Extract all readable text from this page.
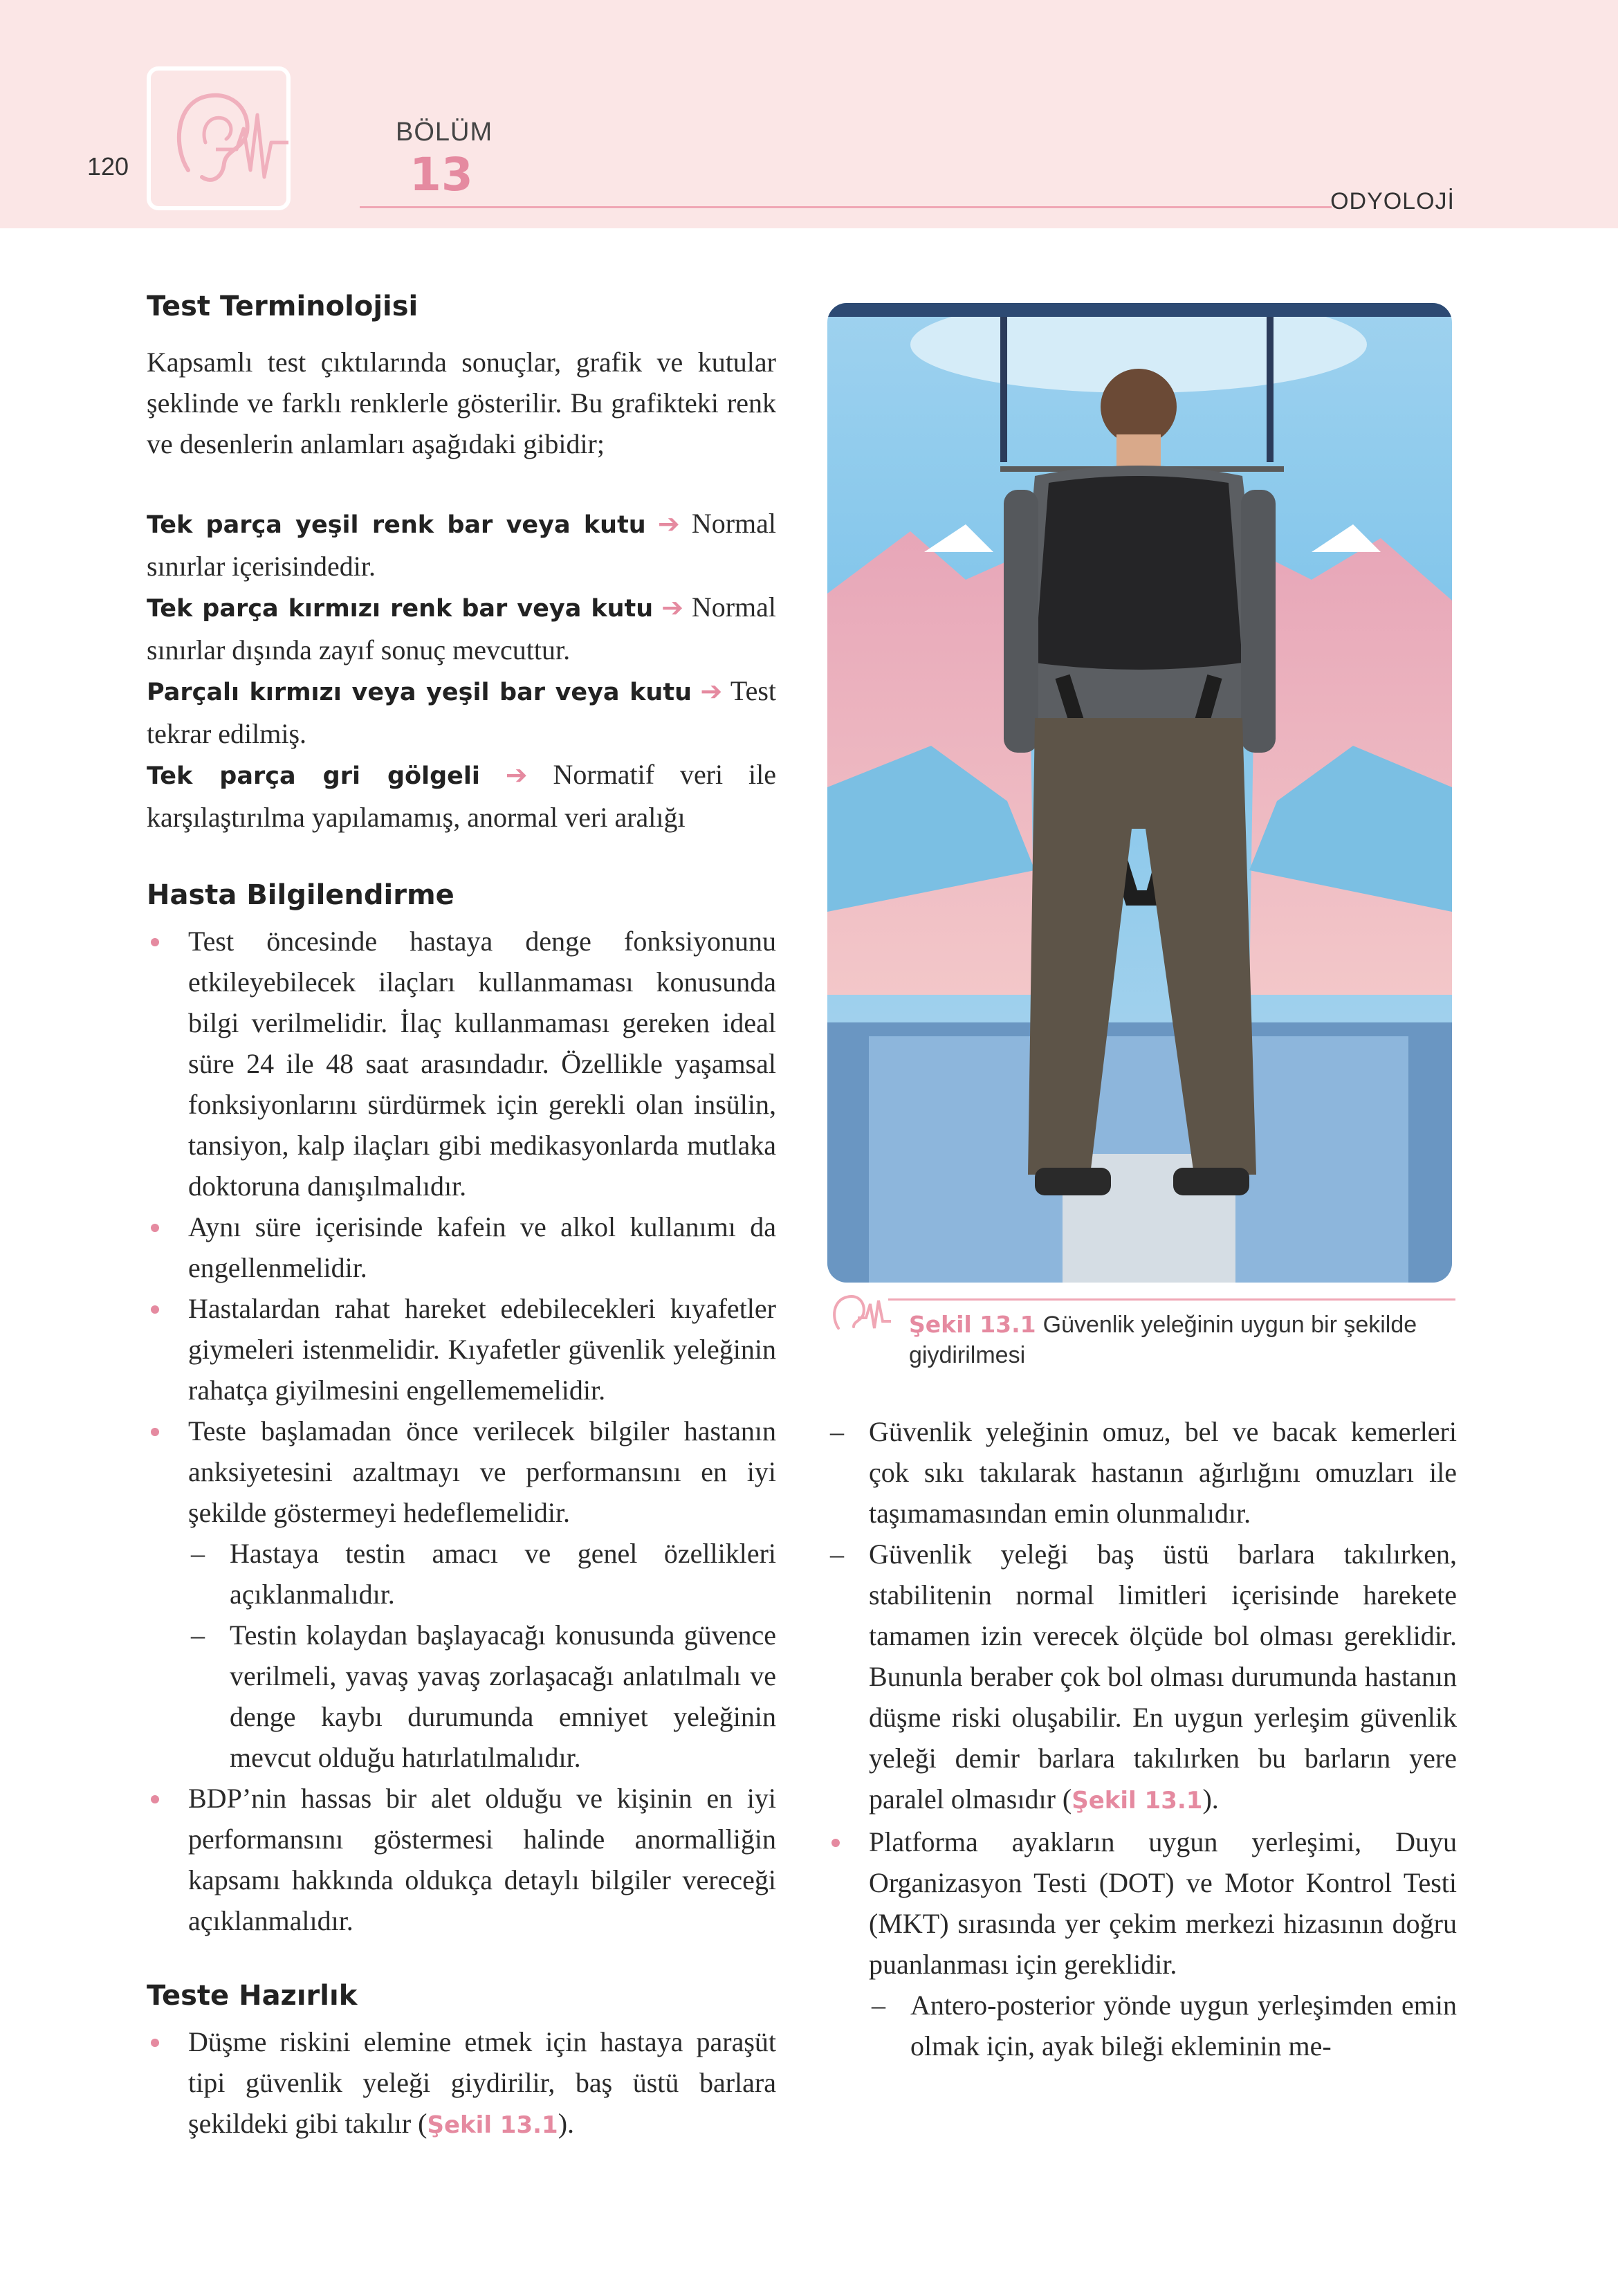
120
BÖLÜM
13	ODYOLOJİ
Test Terminolojisi

Kapsamlı test çıktılarında sonuçlar, grafik ve kutular şeklinde ve farklı renklerle gösterilir. Bu grafikteki renk ve desenlerin anlamları aşağıdaki gibidir;

Tek parça yeşil renk bar veya kutu ➔ Normal sınırlar içerisindedir.

Tek parça kırmızı renk bar veya kutu ➔ Normal sınırlar dışında zayıf sonuç mevcuttur.

Parçalı kırmızı veya yeşil bar veya kutu ➔ Test tekrar edilmiş.

Tek parça gri gölgeli ➔ Normatif veri ile karşılaştırılma yapılamamış, anormal veri aralığı

Hasta Bilgilendirme
Test öncesinde hastaya denge fonksiyonunu etkileyebilecek ilaçları kullanmaması konusunda bilgi verilmelidir. İlaç kullanmaması gereken ideal süre 24 ile 48 saat arasındadır. Özellikle yaşamsal fonksiyonlarını sürdürmek için gerekli olan insülin, tansiyon, kalp ilaçları gibi medikasyonlarda mutlaka doktoruna danışılmalıdır.
Aynı süre içerisinde kafein ve alkol kullanımı da engellenmelidir.
Hastalardan rahat hareket edebilecekleri kıyafetler giymeleri istenmelidir. Kıyafetler güvenlik yeleğinin rahatça giyilmesini engellememelidir.
Teste başlamadan önce verilecek bilgiler hastanın anksiyetesini azaltmayı ve performansını en iyi şekilde göstermeyi hedeflemelidir.
– Hastaya testin amacı ve genel özellikleri açıklanmalıdır.
– Testin kolaydan başlayacağı konusunda güvence verilmeli, yavaş yavaş zorlaşacağı anlatılmalı ve denge kaybı durumunda emniyet yeleğinin mevcut olduğu hatırlatılmalıdır.
BDP’nin hassas bir alet olduğu ve kişinin en iyi performansını göstermesi halinde anormalliğin kapsamı hakkında oldukça detaylı bilgiler vereceği açıklanmalıdır.
Teste Hazırlık
Düşme riskini elemine etmek için hastaya paraşüt tipi güvenlik yeleği giydirilir, baş üstü barlara şekildeki gibi takılır (Şekil 13.1).
Şekil 13.1 Güvenlik yeleğinin uygun bir şekilde giydirilmesi
– Güvenlik yeleğinin omuz, bel ve bacak kemerleri çok sıkı takılarak hastanın ağırlığını omuzları ile taşımamasından emin olunmalıdır.
– Güvenlik yeleği baş üstü barlara takılırken, stabilitenin normal limitleri içerisinde harekete tamamen izin verecek ölçüde bol olması gereklidir. Bununla beraber çok bol olması durumunda hastanın düşme riski oluşabilir. En uygun yerleşim güvenlik yeleği demir barlara takılırken bu barların yere paralel olmasıdır (Şekil 13.1).
Platforma ayakların uygun yerleşimi, Duyu Organizasyon Testi (DOT) ve Motor Kontrol Testi (MKT) sırasında yer çekim merkezi hizasının doğru puanlanması için gereklidir.
– Antero-posterior yönde uygun yerleşimden emin olmak için, ayak bileği ekleminin me-
